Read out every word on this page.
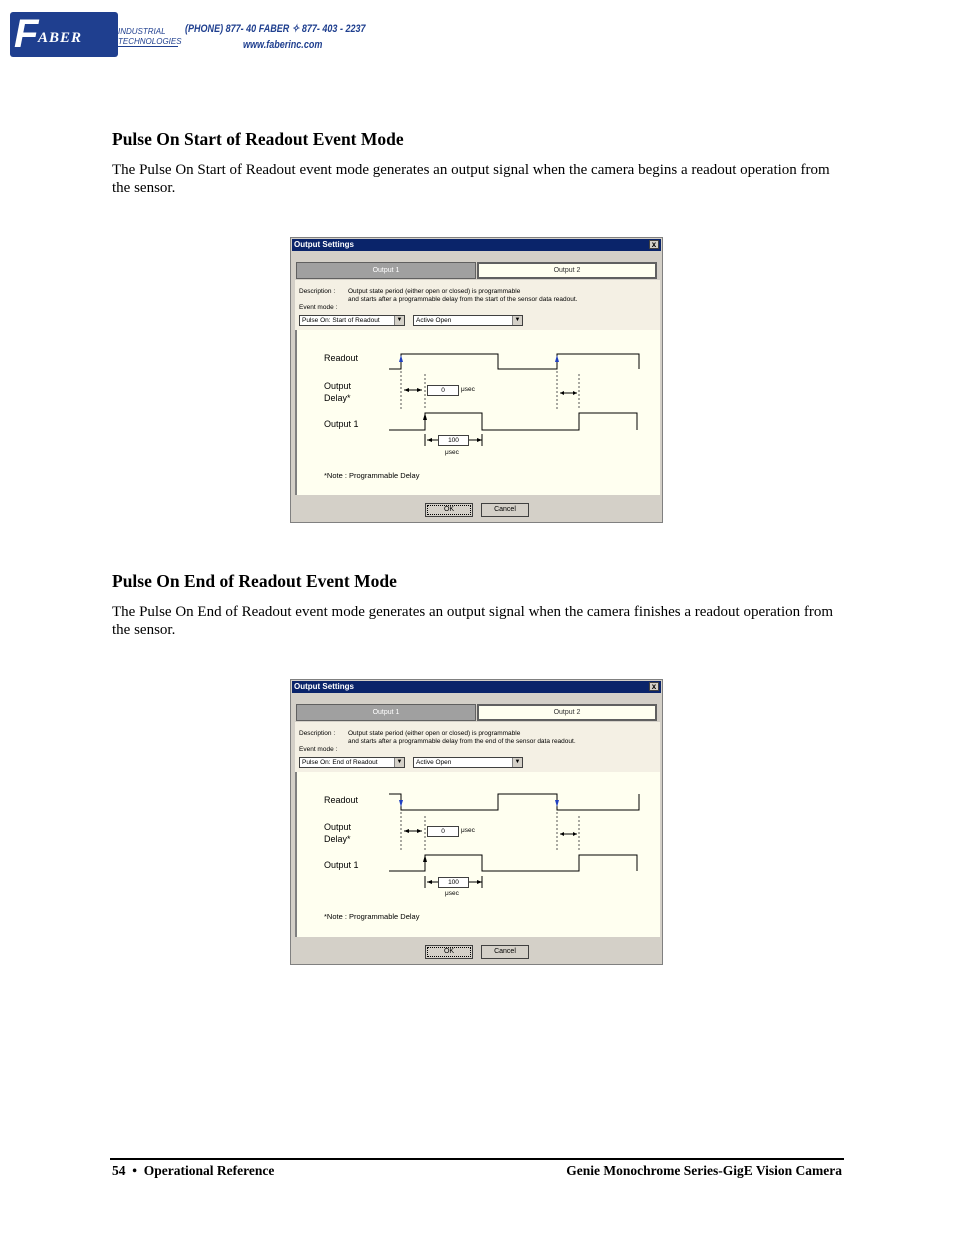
F ABER	INDUSTRIAL
TECHNOLOGIES
(PHONE) 877- 40 FABER ✧ 877- 403 - 2237
www.faberinc.com
Pulse On Start of Readout Event Mode
The Pulse On Start of Readout event mode generates an output signal when the camera begins a readout operation from the sensor.
Output Settings	x
Output 1	Output 2
Description : Output state period (either open or closed) is programmable
and starts after a programmable delay from the start of the sensor data readout.
Event mode :
Pulse On: Start of Readout	▼	Active Open	▼
Readout
Output
Delay*
Output 1
0	μsec
100
μsec
*Note : Programmable Delay
OK	Cancel
Pulse On End of Readout Event Mode
The Pulse On End of Readout event mode generates an output signal when the camera finishes a readout operation from the sensor.
Output Settings	x
Output 1	Output 2
Description : Output state period (either open or closed) is programmable
and starts after a programmable delay from the end of the sensor data readout.
Event mode :
Pulse On: End of Readout	▼	Active Open	▼
Readout
Output
Delay*
Output 1
0	μsec
100
μsec
*Note : Programmable Delay
OK	Cancel
54  •  Operational Reference	Genie Monochrome Series-GigE Vision Camera
